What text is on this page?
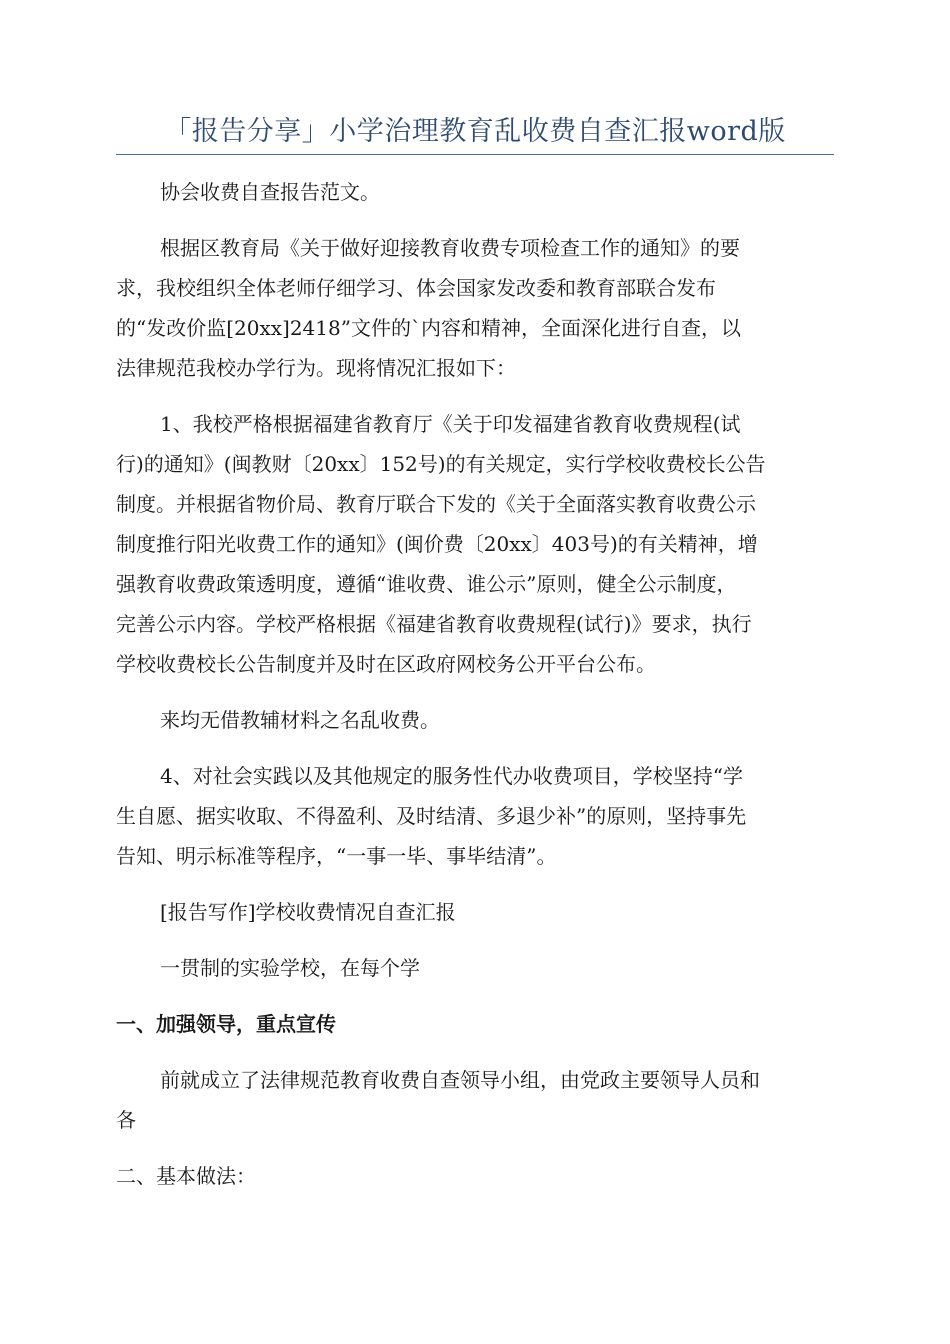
「报告分享」小学治理教育乱收费自查汇报word版

协会收费自查报告范文。

根据区教育局《关于做好迎接教育收费专项检查工作的通知》的要
求，我校组织全体老师仔细学习、体会国家发改委和教育部联合发布
的“发改价监[20xx]2418”文件的`内容和精神，全面深化进行自查，以
法律规范我校办学行为。现将情况汇报如下：

1、我校严格根据福建省教育厅《关于印发福建省教育收费规程(试
行)的通知》(闽教财〔20xx〕152号)的有关规定，实行学校收费校长公告
制度。并根据省物价局、教育厅联合下发的《关于全面落实教育收费公示
制度推行阳光收费工作的通知》(闽价费〔20xx〕403号)的有关精神，增
强教育收费政策透明度，遵循“谁收费、谁公示”原则，健全公示制度，
完善公示内容。学校严格根据《福建省教育收费规程(试行)》要求，执行
学校收费校长公告制度并及时在区政府网校务公开平台公布。

来均无借教辅材料之名乱收费。

4、对社会实践以及其他规定的服务性代办收费项目，学校坚持“学
生自愿、据实收取、不得盈利、及时结清、多退少补”的原则，坚持事先
告知、明示标准等程序，“一事一毕、事毕结清”。

[报告写作]学校收费情况自查汇报

一贯制的实验学校，在每个学

一、加强领导，重点宣传

前就成立了法律规范教育收费自查领导小组，由党政主要领导人员和
各

二、基本做法：
